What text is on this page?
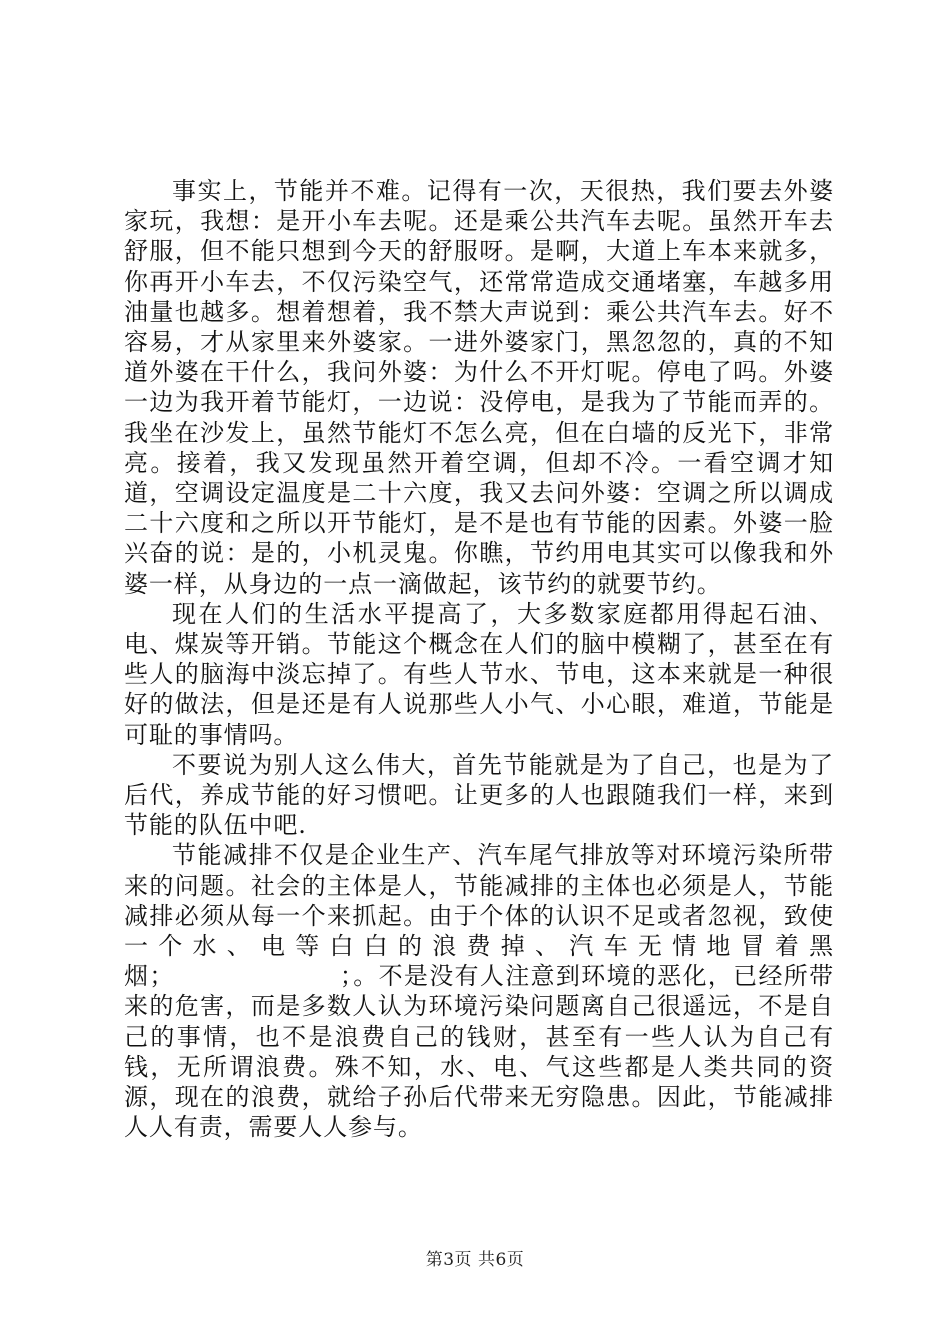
事实上，节能并不难。记得有一次，天很热，我们要去外婆家玩，我想：是开小车去呢。还是乘公共汽车去呢。虽然开车去舒服，但不能只想到今天的舒服呀。是啊，大道上车本来就多，你再开小车去，不仅污染空气，还常常造成交通堵塞，车越多用油量也越多。想着想着，我不禁大声说到：乘公共汽车去。好不容易，才从家里来外婆家。一进外婆家门，黑忽忽的，真的不知道外婆在干什么，我问外婆：为什么不开灯呢。停电了吗。外婆一边为我开着节能灯，一边说：没停电，是我为了节能而弄的。我坐在沙发上，虽然节能灯不怎么亮，但在白墙的反光下，非常亮。接着，我又发现虽然开着空调，但却不冷。一看空调才知道，空调设定温度是二十六度，我又去问外婆：空调之所以调成二十六度和之所以开节能灯，是不是也有节能的因素。外婆一脸兴奋的说：是的，小机灵鬼。你瞧，节约用电其实可以像我和外婆一样，从身边的一点一滴做起，该节约的就要节约。

现在人们的生活水平提高了，大多数家庭都用得起石油、电、煤炭等开销。节能这个概念在人们的脑中模糊了，甚至在有些人的脑海中淡忘掉了。有些人节水、节电，这本来就是一种很好的做法，但是还是有人说那些人小气、小心眼，难道，节能是可耻的事情吗。

不要说为别人这么伟大，首先节能就是为了自己，也是为了后代，养成节能的好习惯吧。让更多的人也跟随我们一样，来到节能的队伍中吧.

节能减排不仅是企业生产、汽车尾气排放等对环境污染所带来的问题。社会的主体是人，节能减排的主体也必须是人，节能减排必须从每一个来抓起。由于个体的认识不足或者忽视，致使一个水、电等白白的浪费掉、汽车无情地冒着黑烟；　　　　　　　；。不是没有人注意到环境的恶化，已经所带来的危害，而是多数人认为环境污染问题离自己很遥远，不是自己的事情，也不是浪费自己的钱财，甚至有一些人认为自己有钱，无所谓浪费。殊不知，水、电、气这些都是人类共同的资源，现在的浪费，就给子孙后代带来无穷隐患。因此，节能减排人人有责，需要人人参与。

第3页 共6页
